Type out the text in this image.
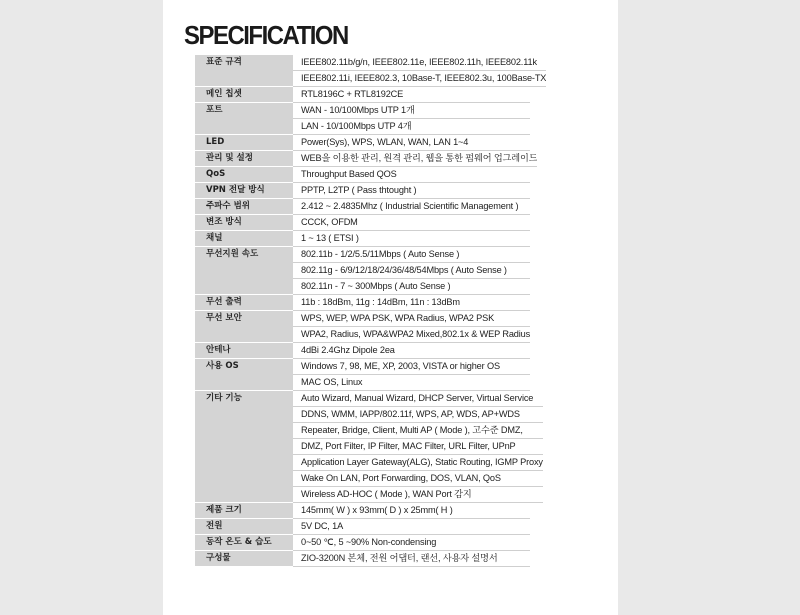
SPECIFICATION
표준 규격	IEEE802.11b/g/n, IEEE802.11e, IEEE802.11h, IEEE802.11k
IEEE802.11i, IEEE802.3, 10Base-T, IEEE802.3u, 100Base-TX
메인 칩셋	RTL8196C + RTL8192CE
포트	WAN - 10/100Mbps UTP 1개
LAN - 10/100Mbps UTP 4개
LED	Power(Sys), WPS, WLAN, WAN, LAN 1~4
관리 및 설정	WEB을 이용한 관리, 원격 관리, 웹을 통한 펌웨어 업그레이드
QoS	Throughput Based QOS
VPN 전달 방식	PPTP, L2TP ( Pass thtought )
주파수 범위	2.412 ~ 2.4835Mhz ( Industrial Scientific Management )
변조 방식	CCCK, OFDM
채널	1 ~ 13 ( ETSI )
무선지원 속도	802.11b - 1/2/5.5/11Mbps ( Auto Sense )
802.11g - 6/9/12/18/24/36/48/54Mbps ( Auto Sense )
802.11n - 7 ~ 300Mbps ( Auto Sense )
무선 출력	11b : 18dBm, 11g : 14dBm, 11n : 13dBm
무선 보안	WPS, WEP, WPA PSK, WPA Radius, WPA2 PSK
WPA2, Radius, WPA&WPA2 Mixed,802.1x & WEP Radius
안테나	4dBi 2.4Ghz Dipole 2ea
사용 OS	Windows 7, 98, ME, XP, 2003, VISTA or higher OS
MAC OS, Linux
기타 기능	Auto Wizard, Manual Wizard, DHCP Server, Virtual Service
DDNS, WMM, IAPP/802.11f, WPS, AP, WDS, AP+WDS
Repeater, Bridge, Client, Multi AP ( Mode ), 고수준 DMZ,
DMZ, Port Filter, IP Filter, MAC Filter, URL Filter, UPnP
Application Layer Gateway(ALG), Static Routing, IGMP Proxy
Wake On LAN, Port Forwarding, DOS, VLAN, QoS
Wireless AD-HOC ( Mode ), WAN Port 감지
제품 크기	145mm( W ) x 93mm( D ) x 25mm( H )
전원	5V DC, 1A
동작 온도 & 습도	0~50 ℃, 5 ~90% Non-condensing
구성물	ZIO-3200N 본체, 전원 어댑터, 랜선, 사용자 설명서
